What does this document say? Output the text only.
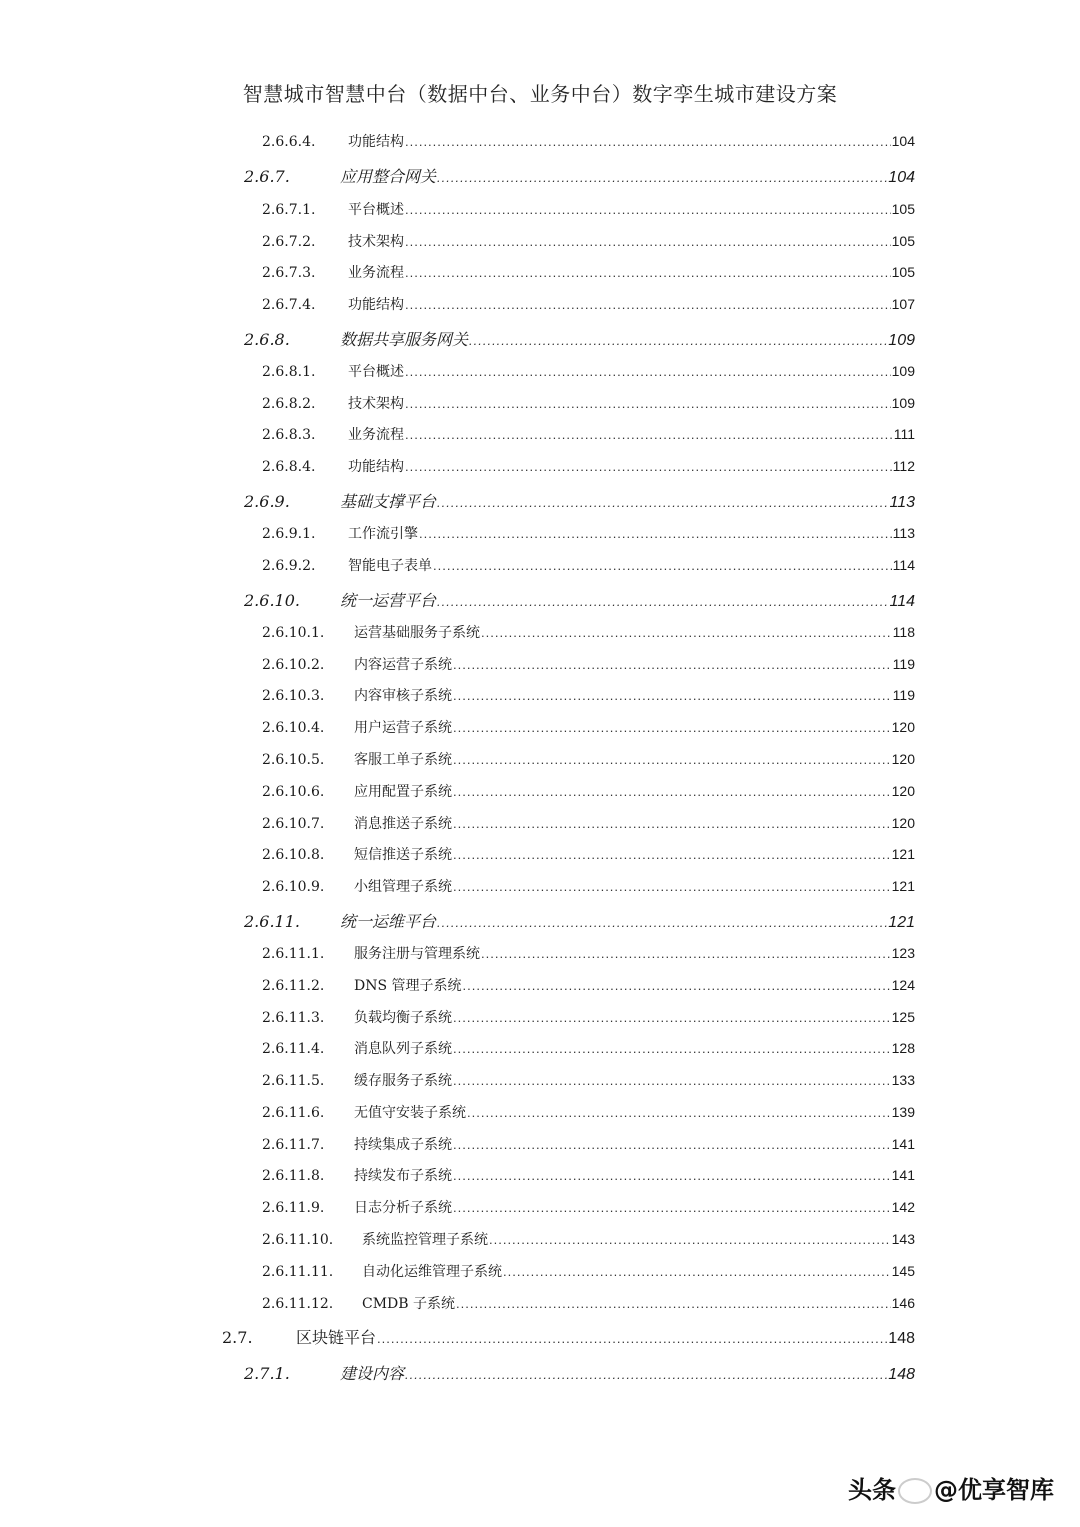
智慧城市智慧中台（数据中台、业务中台）数字孪生城市建设方案
2.6.6.4.	功能结构 .....	104
2.6.7.	应用整合网关 .....	104
2.6.7.1.	平台概述 .....	105
2.6.7.2.	技术架构 .....	105
2.6.7.3.	业务流程 .....	105
2.6.7.4.	功能结构 .....	107
2.6.8.	数据共享服务网关 .....	109
2.6.8.1.	平台概述 .....	109
2.6.8.2.	技术架构 .....	109
2.6.8.3.	业务流程 .....	111
2.6.8.4.	功能结构 .....	112
2.6.9.	基础支撑平台 .....	113
2.6.9.1.	工作流引擎 .....	113
2.6.9.2.	智能电子表单 .....	114
2.6.10.	统一运营平台 .....	114
2.6.10.1.	运营基础服务子系统 .....	118
2.6.10.2.	内容运营子系统 .....	119
2.6.10.3.	内容审核子系统 .....	119
2.6.10.4.	用户运营子系统 .....	120
2.6.10.5.	客服工单子系统 .....	120
2.6.10.6.	应用配置子系统 .....	120
2.6.10.7.	消息推送子系统 .....	120
2.6.10.8.	短信推送子系统 .....	121
2.6.10.9.	小组管理子系统 .....	121
2.6.11.	统一运维平台 .....	121
2.6.11.1.	服务注册与管理系统 .....	123
2.6.11.2.	DNS 管理子系统 .....	124
2.6.11.3.	负载均衡子系统 .....	125
2.6.11.4.	消息队列子系统 .....	128
2.6.11.5.	缓存服务子系统 .....	133
2.6.11.6.	无值守安装子系统 .....	139
2.6.11.7.	持续集成子系统 .....	141
2.6.11.8.	持续发布子系统 .....	141
2.6.11.9.	日志分析子系统 .....	142
2.6.11.10.	系统监控管理子系统 .....	143
2.6.11.11.	自动化运维管理子系统 .....	145
2.6.11.12.	CMDB 子系统 .....	146
2.7.	区块链平台 .....	148
2.7.1.	建设内容 .....	148
头条 @优享智库
